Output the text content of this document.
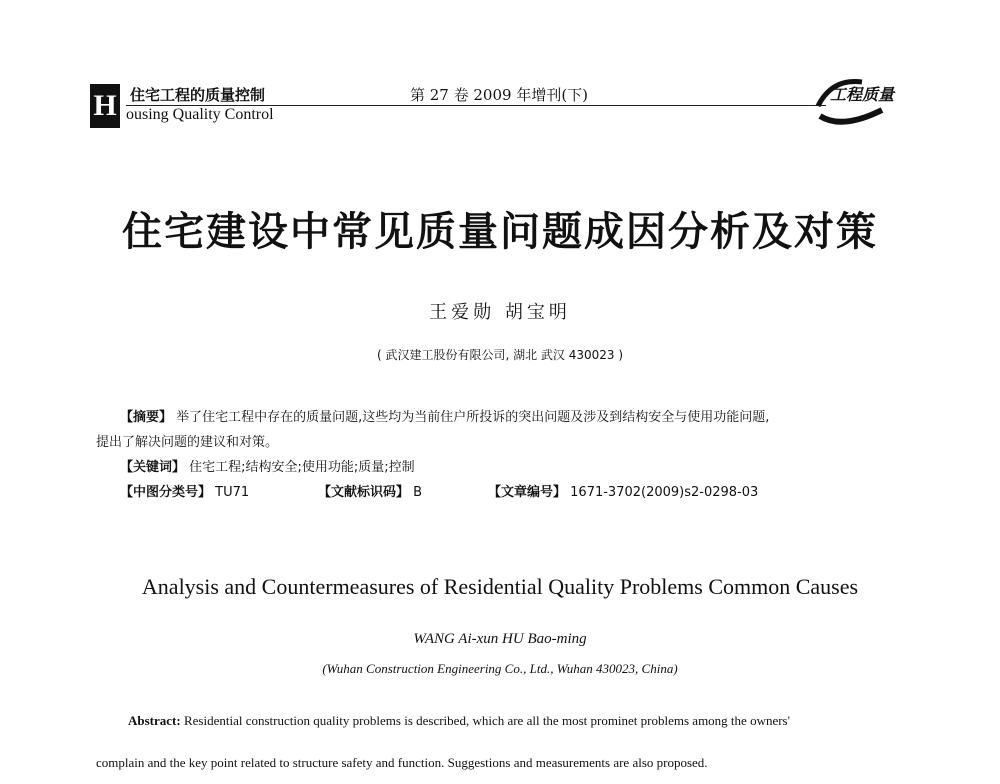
H 住宅工程的质量控制
ousing Quality Control
第 27 卷 2009 年增刊(下)	工程质量
住宅建设中常见质量问题成因分析及对策
王爱勋 胡宝明
( 武汉建工股份有限公司, 湖北 武汉 430023 )
【摘要】 举了住宅工程中存在的质量问题,这些均为当前住户所投诉的突出问题及涉及到结构安全与使用功能问题,
提出了解决问题的建议和对策。
【关键词】 住宅工程;结构安全;使用功能;质量;控制
【中图分类号】 TU71	【文献标识码】 B	【文章编号】 1671-3702(2009)s2-0298-03
Analysis and Countermeasures of Residential Quality Problems Common Causes
WANG Ai-xun HU Bao-ming
(Wuhan Construction Engineering Co., Ltd., Wuhan 430023, China)
Abstract: Residential construction quality problems is described, which are all the most prominet problems among the owners'
complain and the key point related to structure safety and function. Suggestions and measurements are also proposed.
